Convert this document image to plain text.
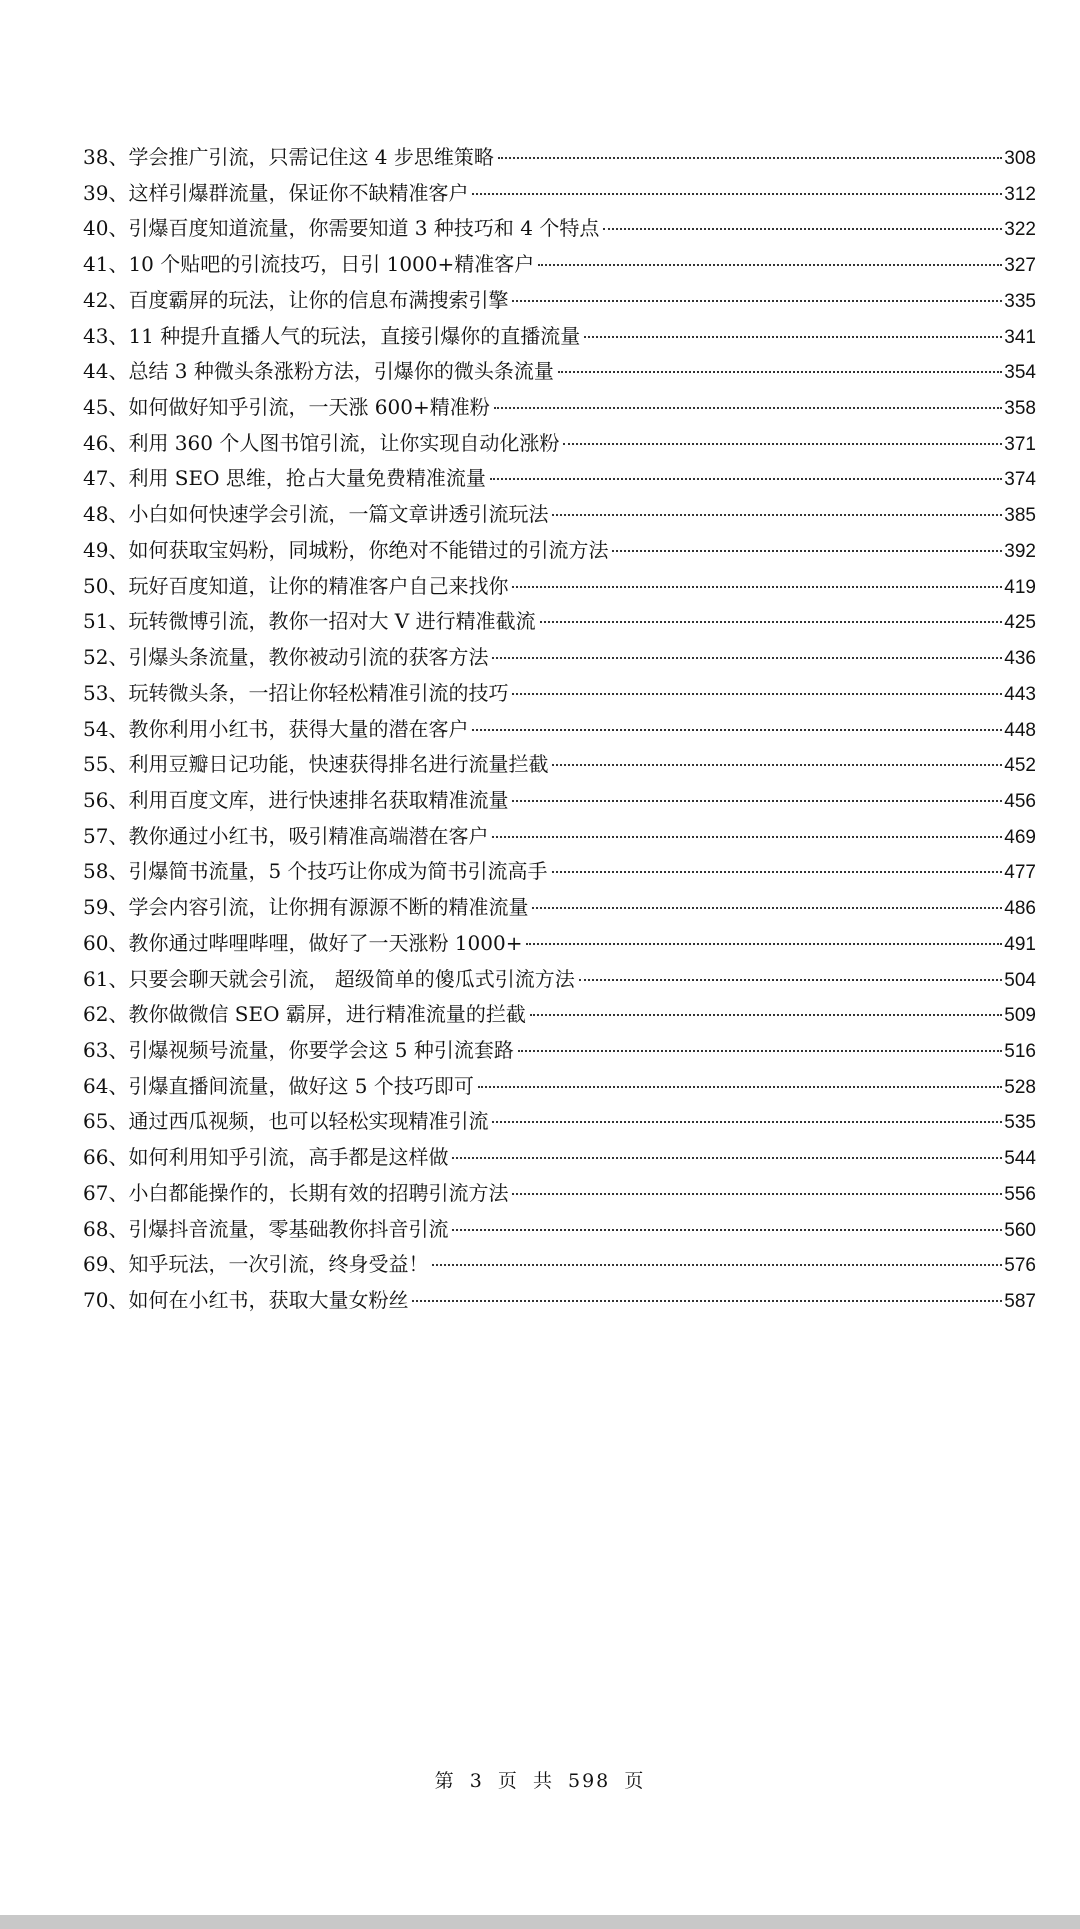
38、学会推广引流，只需记住这 4 步思维策略	308
39、这样引爆群流量，保证你不缺精准客户	312
40、引爆百度知道流量，你需要知道 3 种技巧和 4 个特点	322
41、10 个贴吧的引流技巧，日引 1000+精准客户	327
42、百度霸屏的玩法，让你的信息布满搜索引擎	335
43、11 种提升直播人气的玩法，直接引爆你的直播流量	341
44、总结 3 种微头条涨粉方法，引爆你的微头条流量	354
45、如何做好知乎引流，一天涨 600+精准粉	358
46、利用 360 个人图书馆引流，让你实现自动化涨粉	371
47、利用 SEO 思维，抢占大量免费精准流量	374
48、小白如何快速学会引流，一篇文章讲透引流玩法	385
49、如何获取宝妈粉，同城粉，你绝对不能错过的引流方法	392
50、玩好百度知道，让你的精准客户自己来找你	419
51、玩转微博引流，教你一招对大 V 进行精准截流	425
52、引爆头条流量，教你被动引流的获客方法	436
53、玩转微头条，一招让你轻松精准引流的技巧	443
54、教你利用小红书，获得大量的潜在客户	448
55、利用豆瓣日记功能，快速获得排名进行流量拦截	452
56、利用百度文库，进行快速排名获取精准流量	456
57、教你通过小红书，吸引精准高端潜在客户	469
58、引爆简书流量，5 个技巧让你成为简书引流高手	477
59、学会内容引流，让你拥有源源不断的精准流量	486
60、教你通过哔哩哔哩，做好了一天涨粉 1000+	491
61、只要会聊天就会引流， 超级简单的傻瓜式引流方法	504
62、教你做微信 SEO 霸屏，进行精准流量的拦截	509
63、引爆视频号流量，你要学会这 5 种引流套路	516
64、引爆直播间流量，做好这 5 个技巧即可	528
65、通过西瓜视频，也可以轻松实现精准引流	535
66、如何利用知乎引流，高手都是这样做	544
67、小白都能操作的，长期有效的招聘引流方法	556
68、引爆抖音流量，零基础教你抖音引流	560
69、知乎玩法，一次引流，终身受益！	576
70、如何在小红书，获取大量女粉丝	587
第 3 页 共 598 页
